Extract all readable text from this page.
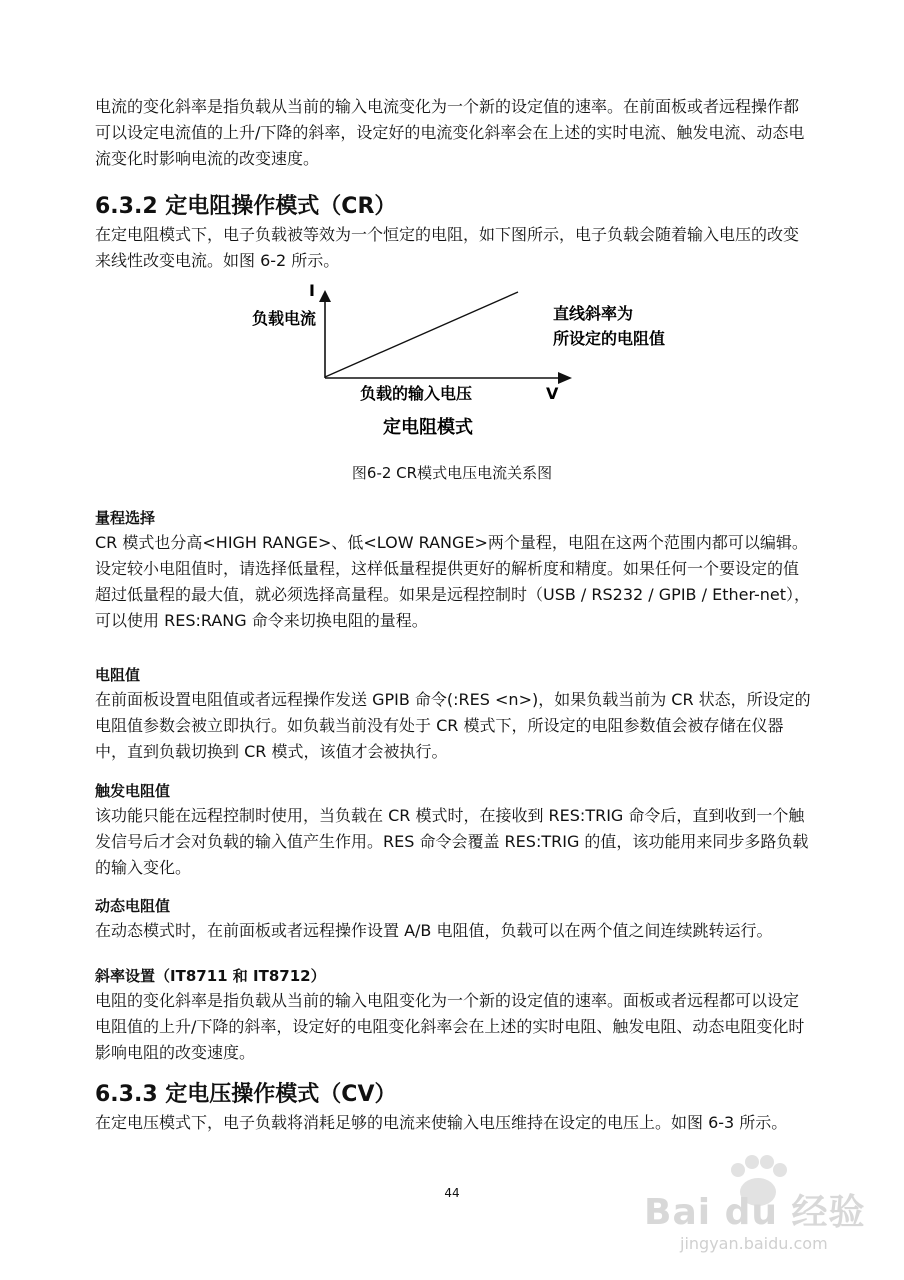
电流的变化斜率是指负载从当前的输入电流变化为一个新的设定值的速率。在前面板或者远程操作都可以设定电流值的上升/下降的斜率，设定好的电流变化斜率会在上述的实时电流、触发电流、动态电流变化时影响电流的改变速度。

6.3.2 定电阻操作模式（CR）

在定电阻模式下，电子负载被等效为一个恒定的电阻，如下图所示，电子负载会随着输入电压的改变来线性改变电流。如图 6-2 所示。

I
负载电流
负载的输入电压	V
直线斜率为
所设定的电阻值
定电阻模式
图6-2 CR模式电压电流关系图

量程选择

CR 模式也分高<HIGH RANGE>、低<LOW RANGE>两个量程，电阻在这两个范围内都可以编辑。设定较小电阻值时，请选择低量程，这样低量程提供更好的解析度和精度。如果任何一个要设定的值超过低量程的最大值，就必须选择高量程。如果是远程控制时（USB / RS232 / GPIB / Ether-net），可以使用 RES:RANG 命令来切换电阻的量程。

电阻值

在前面板设置电阻值或者远程操作发送 GPIB 命令(:RES <n>)，如果负载当前为 CR 状态，所设定的电阻值参数会被立即执行。如负载当前没有处于 CR 模式下，所设定的电阻参数值会被存储在仪器中，直到负载切换到 CR 模式，该值才会被执行。

触发电阻值

该功能只能在远程控制时使用，当负载在 CR 模式时，在接收到 RES:TRIG 命令后，直到收到一个触发信号后才会对负载的输入值产生作用。RES 命令会覆盖 RES:TRIG 的值，该功能用来同步多路负载的输入变化。

动态电阻值

在动态模式时，在前面板或者远程操作设置 A/B 电阻值，负载可以在两个值之间连续跳转运行。

斜率设置（IT8711 和 IT8712）

电阻的变化斜率是指负载从当前的输入电阻变化为一个新的设定值的速率。面板或者远程都可以设定电阻值的上升/下降的斜率，设定好的电阻变化斜率会在上述的实时电阻、触发电阻、动态电阻变化时影响电阻的改变速度。

6.3.3 定电压操作模式（CV）

在定电压模式下，电子负载将消耗足够的电流来使输入电压维持在设定的电压上。如图 6-3 所示。

44	Bai du 经验
jingyan.baidu.com
